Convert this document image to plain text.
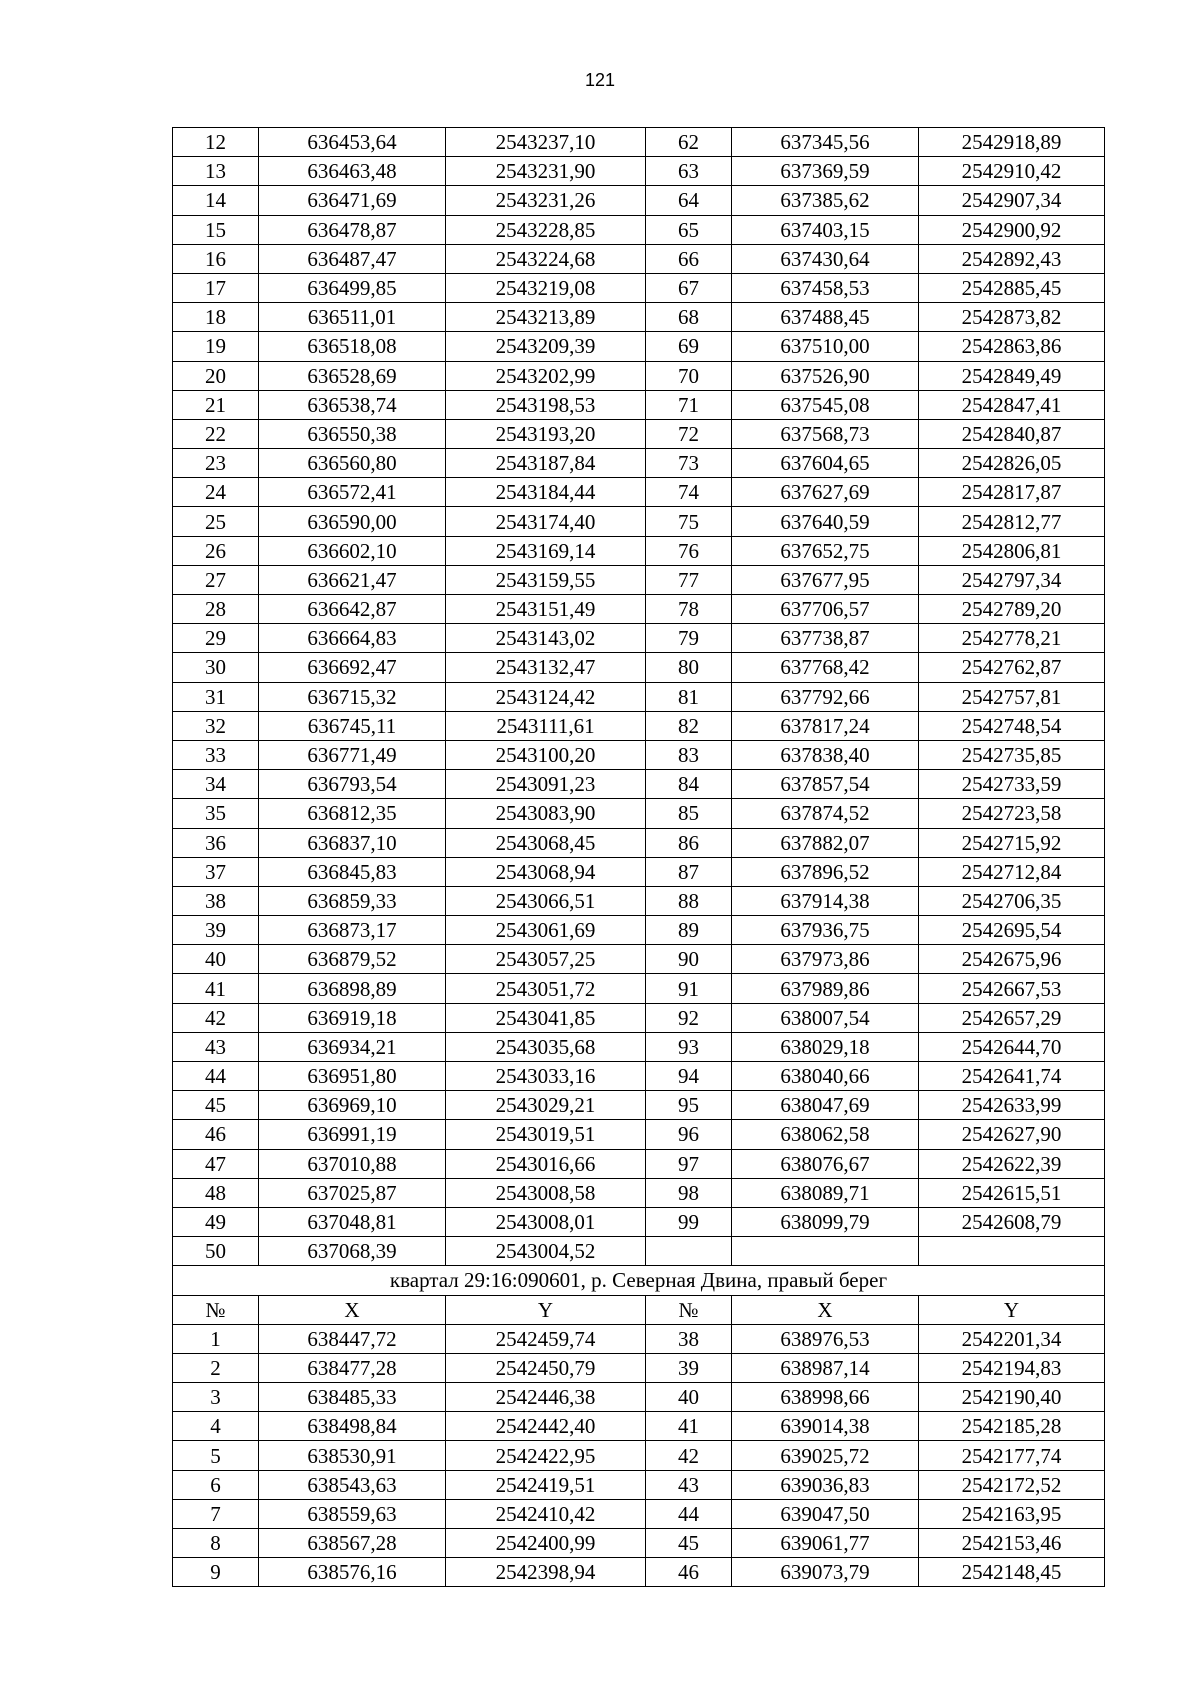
121
12	636453,64	2543237,10	62	637345,56	2542918,89
13	636463,48	2543231,90	63	637369,59	2542910,42
14	636471,69	2543231,26	64	637385,62	2542907,34
15	636478,87	2543228,85	65	637403,15	2542900,92
16	636487,47	2543224,68	66	637430,64	2542892,43
17	636499,85	2543219,08	67	637458,53	2542885,45
18	636511,01	2543213,89	68	637488,45	2542873,82
19	636518,08	2543209,39	69	637510,00	2542863,86
20	636528,69	2543202,99	70	637526,90	2542849,49
21	636538,74	2543198,53	71	637545,08	2542847,41
22	636550,38	2543193,20	72	637568,73	2542840,87
23	636560,80	2543187,84	73	637604,65	2542826,05
24	636572,41	2543184,44	74	637627,69	2542817,87
25	636590,00	2543174,40	75	637640,59	2542812,77
26	636602,10	2543169,14	76	637652,75	2542806,81
27	636621,47	2543159,55	77	637677,95	2542797,34
28	636642,87	2543151,49	78	637706,57	2542789,20
29	636664,83	2543143,02	79	637738,87	2542778,21
30	636692,47	2543132,47	80	637768,42	2542762,87
31	636715,32	2543124,42	81	637792,66	2542757,81
32	636745,11	2543111,61	82	637817,24	2542748,54
33	636771,49	2543100,20	83	637838,40	2542735,85
34	636793,54	2543091,23	84	637857,54	2542733,59
35	636812,35	2543083,90	85	637874,52	2542723,58
36	636837,10	2543068,45	86	637882,07	2542715,92
37	636845,83	2543068,94	87	637896,52	2542712,84
38	636859,33	2543066,51	88	637914,38	2542706,35
39	636873,17	2543061,69	89	637936,75	2542695,54
40	636879,52	2543057,25	90	637973,86	2542675,96
41	636898,89	2543051,72	91	637989,86	2542667,53
42	636919,18	2543041,85	92	638007,54	2542657,29
43	636934,21	2543035,68	93	638029,18	2542644,70
44	636951,80	2543033,16	94	638040,66	2542641,74
45	636969,10	2543029,21	95	638047,69	2542633,99
46	636991,19	2543019,51	96	638062,58	2542627,90
47	637010,88	2543016,66	97	638076,67	2542622,39
48	637025,87	2543008,58	98	638089,71	2542615,51
49	637048,81	2543008,01	99	638099,79	2542608,79
50	637068,39	2543004,52			
квартал 29:16:090601, р. Северная Двина, правый берег					
№	X	Y	№	X	Y
1	638447,72	2542459,74	38	638976,53	2542201,34
2	638477,28	2542450,79	39	638987,14	2542194,83
3	638485,33	2542446,38	40	638998,66	2542190,40
4	638498,84	2542442,40	41	639014,38	2542185,28
5	638530,91	2542422,95	42	639025,72	2542177,74
6	638543,63	2542419,51	43	639036,83	2542172,52
7	638559,63	2542410,42	44	639047,50	2542163,95
8	638567,28	2542400,99	45	639061,77	2542153,46
9	638576,16	2542398,94	46	639073,79	2542148,45
